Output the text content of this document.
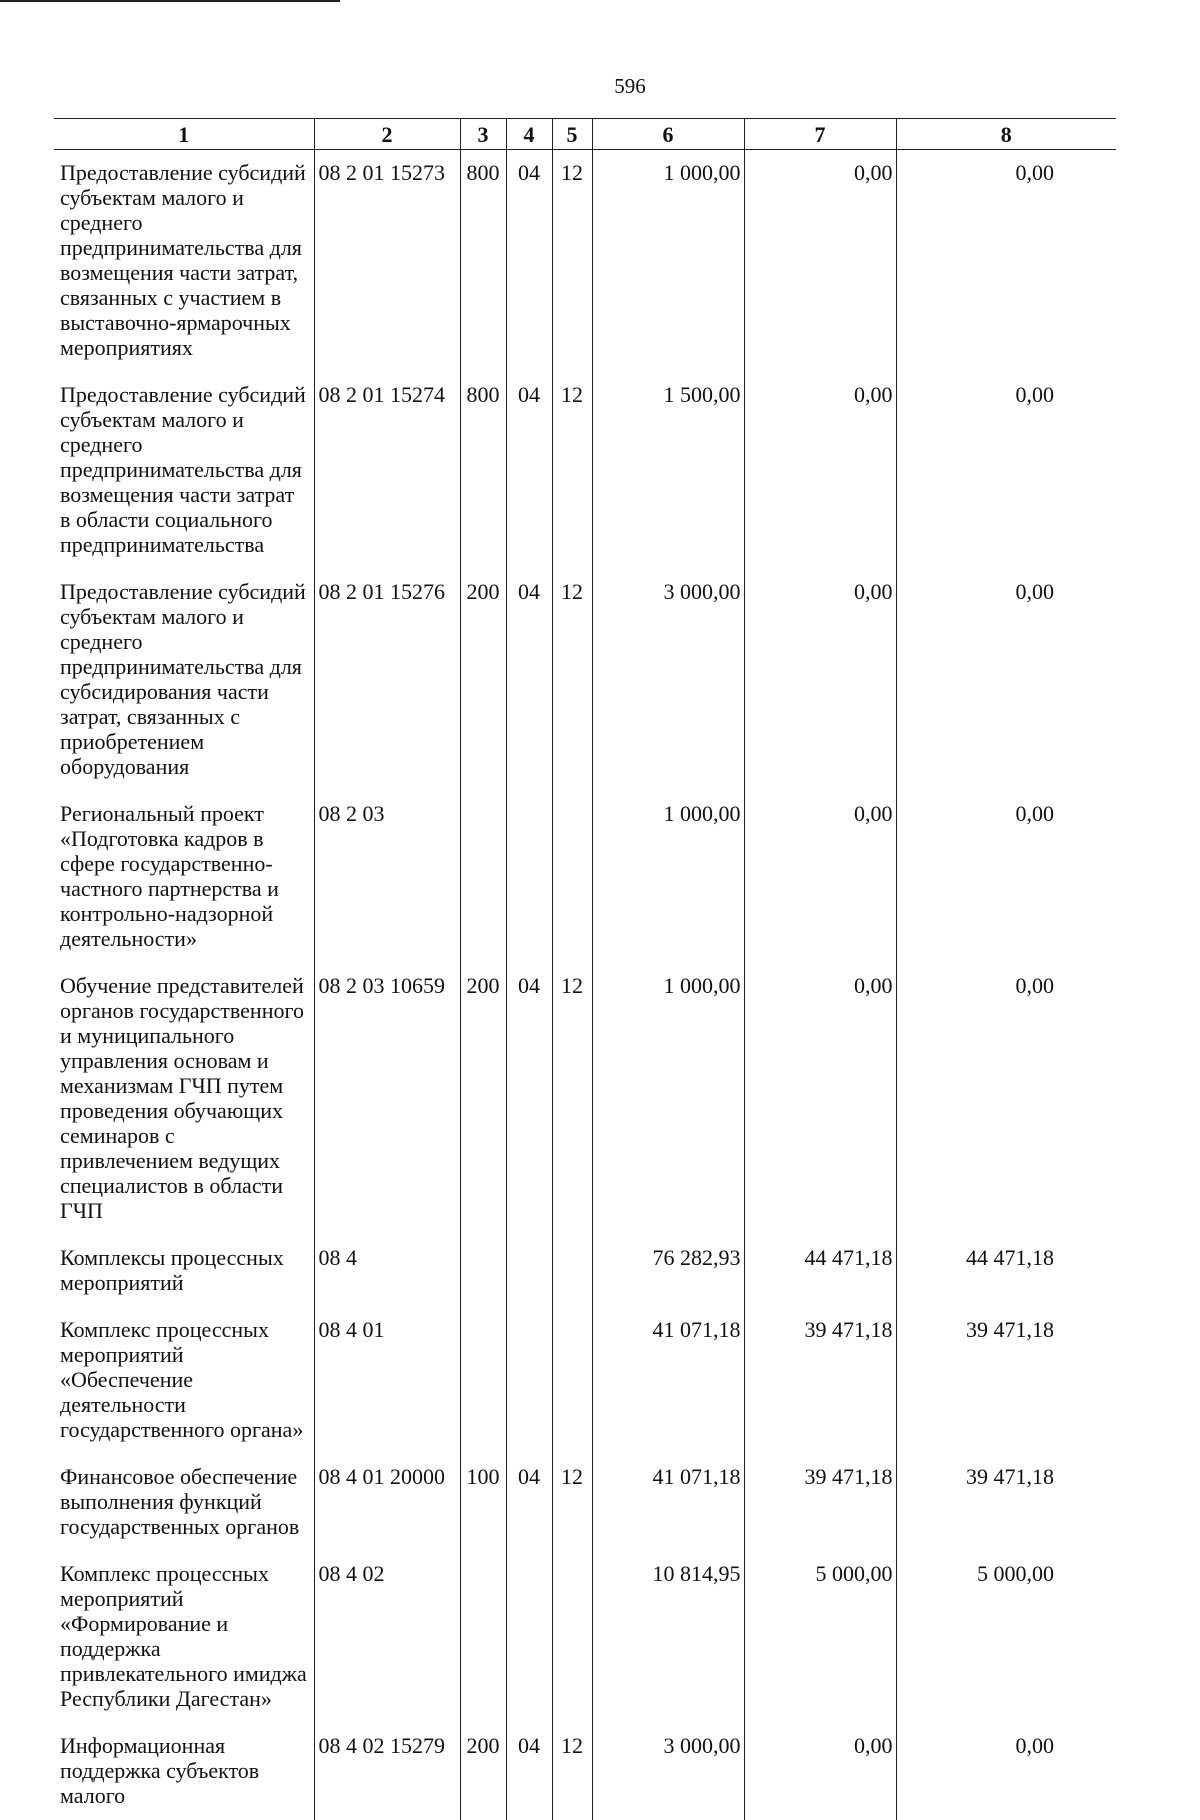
596
1	2	3	4	5	6	7	8
Предоставление субсидий субъектам малого и среднего предпринимательства для возмещения части затрат, связанных с участием в выставочно-ярмарочных мероприятиях	08 2 01 15273	800	04	12	1 000,00	0,00	0,00
Предоставление субсидий субъектам малого и среднего предпринимательства для возмещения части затрат в области социального предпринимательства	08 2 01 15274	800	04	12	1 500,00	0,00	0,00
Предоставление субсидий субъектам малого и среднего предпринимательства для субсидирования части затрат, связанных с приобретением оборудования	08 2 01 15276	200	04	12	3 000,00	0,00	0,00
Региональный проект «Подготовка кадров в сфере государственно-частного партнерства и контрольно-надзорной деятельности»	08 2 03				1 000,00	0,00	0,00
Обучение представителей органов государственного и муниципального управления основам и механизмам ГЧП путем проведения обучающих семинаров с привлечением ведущих специалистов в области ГЧП	08 2 03 10659	200	04	12	1 000,00	0,00	0,00
Комплексы процессных мероприятий	08 4				76 282,93	44 471,18	44 471,18
Комплекс процессных мероприятий «Обеспечение деятельности государственного органа»	08 4 01				41 071,18	39 471,18	39 471,18
Финансовое обеспечение выполнения функций государственных органов	08 4 01 20000	100	04	12	41 071,18	39 471,18	39 471,18
Комплекс процессных мероприятий «Формирование и поддержка привлекательного имиджа Республики Дагестан»	08 4 02				10 814,95	5 000,00	5 000,00
Информационная поддержка субъектов малого	08 4 02 15279	200	04	12	3 000,00	0,00	0,00
